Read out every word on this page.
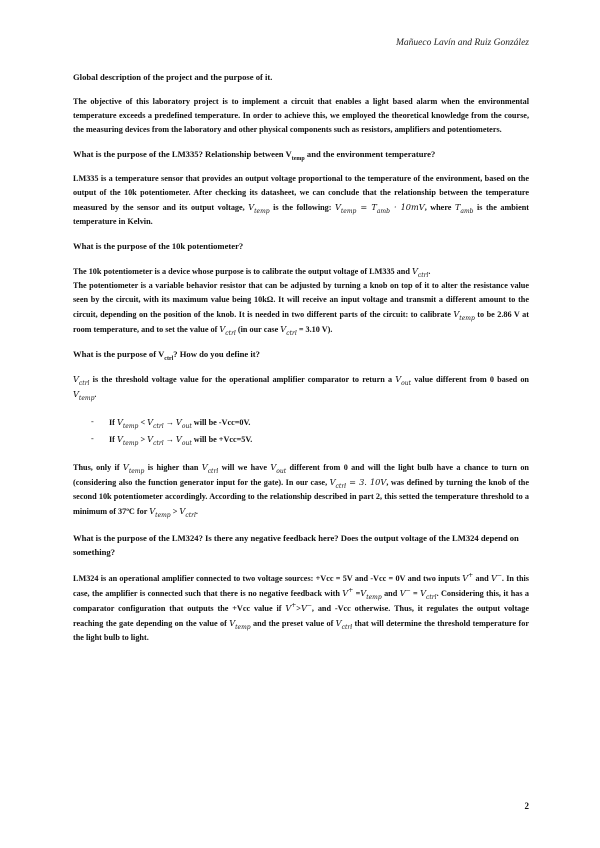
Mañueco Lavín and Ruiz González
Global description of the project and the purpose of it.

The objective of this laboratory project is to implement a circuit that enables a light based alarm when the environmental temperature exceeds a predefined temperature. In order to achieve this, we employed the theoretical knowledge from the course, the measuring devices from the laboratory and other physical components such as resistors, amplifiers and potentiometers.

What is the purpose of the LM335? Relationship between $V_{temp}$ and the environment temperature?

LM335 is a temperature sensor that provides an output voltage proportional to the temperature of the environment, based on the output of the 10k potentiometer. After checking its datasheet, we can conclude that the relationship between the temperature measured by the sensor and its output voltage, $V_{temp}$ is the following: $V_{temp} = T_{amb} \cdot 10mV$, where $T_{amb}$ is the ambient temperature in Kelvin.

What is the purpose of the 10k potentiometer?

The 10k potentiometer is a device whose purpose is to calibrate the output voltage of LM335 and $V_{ctrl}$.

The potentiometer is a variable behavior resistor that can be adjusted by turning a knob on top of it to alter the resistance value seen by the circuit, with its maximum value being 10kΩ. It will receive an input voltage and transmit a different amount to the circuit, depending on the position of the knob. It is needed in two different parts of the circuit: to calibrate $V_{temp}$ to be 2.86 V at room temperature, and to set the value of $V_{ctrl}$ (in our case $V_{ctrl} = 3.10$ V).

What is the purpose of $V_{ctrl}$? How do you define it?

$V_{ctrl}$ is the threshold voltage value for the operational amplifier comparator to return a $V_{out}$ value different from 0 based on $V_{temp}$.

- If $V_{temp} < V_{ctrl} \to V_{out}$ will be -Vcc=0V.
- If $V_{temp} > V_{ctrl} \to V_{out}$ will be +Vcc=5V.

Thus, only if $V_{temp}$ is higher than $V_{ctrl}$ will we have $V_{out}$ different from 0 and will the light bulb have a chance to turn on (considering also the function generator input for the gate). In our case, $V_{ctrl} = 3$. 10V, was defined by turning the knob of the second 10k potentiometer accordingly. According to the relationship described in part 2, this setted the temperature threshold to a minimum of 37ºC for $V_{temp} > V_{ctrl}$.

What is the purpose of the LM324? Is there any negative feedback here? Does the output voltage of the LM324 depend on something?

LM324 is an operational amplifier connected to two voltage sources: +Vcc = 5V and -Vcc = 0V and two inputs V+ and V−. In this case, the amplifier is connected such that there is no negative feedback with $V^+ =V_{temp}$ and $V^- = V_{ctrl}$. Considering this, it has a comparator configuration that outputs the +Vcc value if V+>V−, and -Vcc otherwise. Thus, it regulates the output voltage reaching the gate depending on the value of $V_{temp}$ and the preset value of $V_{ctrl}$ that will determine the threshold temperature for the light bulb to light.

2
